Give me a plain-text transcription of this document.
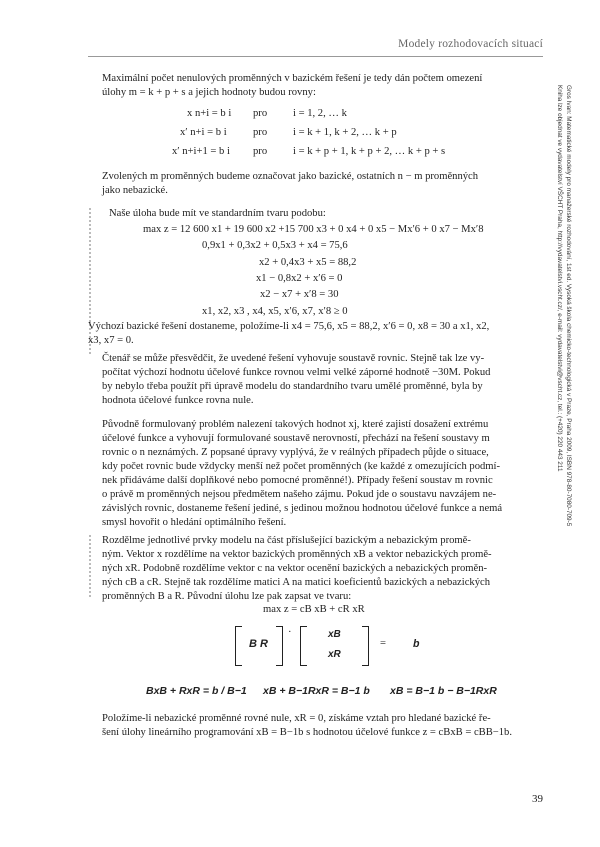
Modely rozhodovacích situací
Gros Ivan: Matematické modely pro manažerské rozhodování, 1st ed. Vysoká škola chemicko-technologická v Praze, Praha 2009, ISBN 978-80-7080-709-5
Kniha lze objednat ve vydavatelství VŠCHT Praha, http://vydavatelstvi.vscht.cz/, e-mail: vydavatelstvi@vscht.cz, tel.: (+420) 220 443 211
Maximální počet nenulových proměnných v bazickém řešení je tedy dán počtem omezení
úlohy m = k + p + s a jejich hodnoty budou rovny:
x n+i = b i pro i = 1, 2, … k
x′ n+i = b i pro i = k + 1, k + 2, … k + p
x′ n+i+1 = b i pro i = k + p + 1, k + p + 2, … k + p + s
Zvolených m proměnných budeme označovat jako bazické, ostatních n − m proměnných
jako nebazické.
Naše úloha bude mít ve standardním tvaru podobu:
max z = 12 600 x1 + 19 600 x2 +15 700 x3 + 0 x4 + 0 x5 − Mx′6 + 0 x7 − Mx′8
0,9x1 + 0,3x2 + 0,5x3 + x4 = 75,6
x2 + 0,4x3 + x5 = 88,2
x1 − 0,8x2 + x′6 = 0
x2 − x7 + x′8 = 30
x1, x2, x3 , x4, x5, x′6, x7, x′8 ≥ 0
Výchozí bazické řešení dostaneme, položíme-li x4 = 75,6, x5 = 88,2, x′6 = 0, x8 = 30 a x1, x2,
x3, x7 = 0.
Čtenář se může přesvědčit, že uvedené řešení vyhovuje soustavě rovnic. Stejně tak lze vy-
počítat výchozí hodnotu účelové funkce rovnou velmi velké záporné hodnotě −30M. Pokud
by nebylo třeba použít při úpravě modelu do standardního tvaru umělé proměnné, byla by
hodnota účelové funkce rovna nule.
Původně formulovaný problém nalezení takových hodnot xj, které zajistí dosažení extrému
účelové funkce a vyhovují formulované soustavě nerovností, přechází na řešení soustavy m
rovnic o n neznámých. Z popsané úpravy vyplývá, že v reálných případech půjde o situace,
kdy počet rovnic bude vždycky menší než počet proměnných (ke každé z omezujících podmí-
nek přidáváme další doplňkové nebo pomocné proměnné!). Případy řešení soustav m rovnic
o právě m proměnných nejsou předmětem našeho zájmu. Pokud jde o soustavu navzájem ne-
závislých rovnic, dostaneme řešení jediné, s jedinou možnou hodnotou účelové funkce a nemá
smysl hovořit o hledání optimálního řešení.
Rozdělme jednotlivé prvky modelu na část příslušející bazickým a nebazickým promě-
ným. Vektor x rozdělíme na vektor bazických proměnných xB a vektor nebazických promě-
ných xR. Podobně rozdělíme vektor c na vektor ocenění bazických a nebazických proměn-
ných cB a cR. Stejně tak rozdělíme matici A na matici koeficientů bazických a nebazických
proměnných B a R. Původní úlohu lze pak zapsat ve tvaru:
max z = cB xB + cR xR
B R
·	xB
xR
=	b
BxB + RxR = b / B−1 xB + B−1RxR = B−1 b xB = B−1 b − B−1RxR
Položíme-li nebazické proměnné rovné nule, xR = 0, získáme vztah pro hledané bazické ře-
šení úlohy lineárního programování xB = B−1b s hodnotou účelové funkce z = cBxB = cBB−1b.
39
